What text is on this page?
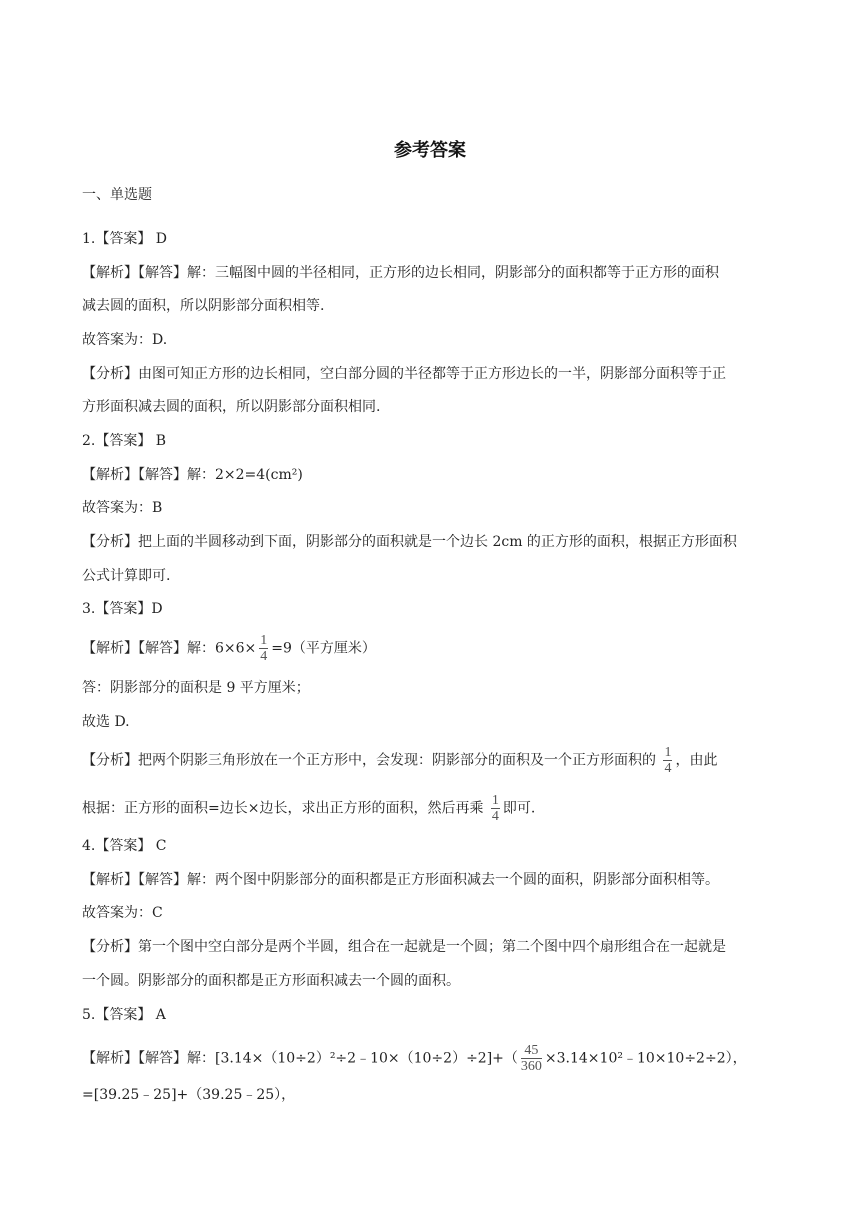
参考答案
一、单选题
1.【答案】 D
【解析】【解答】解：三幅图中圆的半径相同，正方形的边长相同，阴影部分的面积都等于正方形的面积
减去圆的面积，所以阴影部分面积相等.
故答案为：D.
【分析】由图可知正方形的边长相同，空白部分圆的半径都等于正方形边长的一半，阴影部分面积等于正
方形面积减去圆的面积，所以阴影部分面积相同.
2.【答案】 B
【解析】【解答】解：2×2=4(cm²)
故答案为：B
【分析】把上面的半圆移动到下面，阴影部分的面积就是一个边长 2cm 的正方形的面积，根据正方形面积
公式计算即可.
3.【答案】D
【解析】【解答】解：$6\times 6\times \frac{1}{4} =9$（平方厘米）
答：阴影部分的面积是 9 平方厘米；
故选 D.
【分析】把两个阴影三角形放在一个正方形中，会发现：阴影部分的面积及一个正方形面积的 $\frac{1}{4}$ ，由此
根据：正方形的面积=边长×边长，求出正方形的面积，然后再乘 $\frac{1}{4}$ 即可.
4.【答案】 C
【解析】【解答】解：两个图中阴影部分的面积都是正方形面积减去一个圆的面积，阴影部分面积相等。
故答案为：C
【分析】第一个图中空白部分是两个半圆，组合在一起就是一个圆；第二个图中四个扇形组合在一起就是
一个圆。阴影部分的面积都是正方形面积减去一个圆的面积。
5.【答案】 A
【解析】【解答】解：[3.14×（10÷2）²÷2﹣10×（10÷2）÷2]+（ $\frac{45}{360}$ ×3.14×10²﹣10×10÷2÷2），
=[39.25﹣25]+（39.25﹣25），
